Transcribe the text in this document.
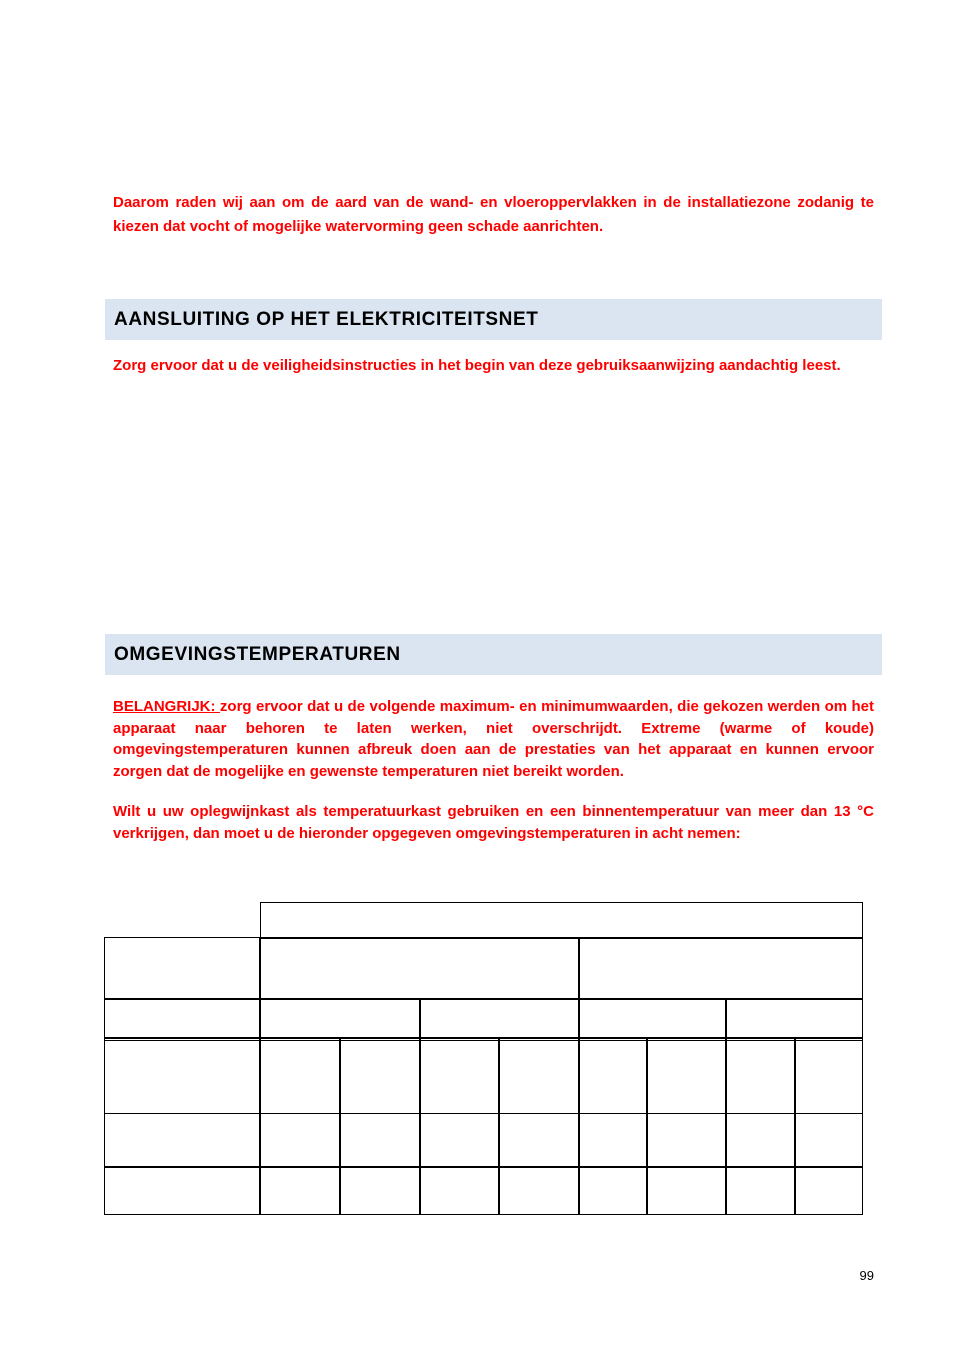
Daarom raden wij aan om de aard van de wand- en vloeroppervlakken in de installatiezone zodanig te kiezen dat vocht of mogelijke watervorming geen schade aanrichten.
AANSLUITING OP HET ELEKTRICITEITSNET
Zorg ervoor dat u de veiligheidsinstructies in het begin van deze gebruiksaanwijzing aandachtig leest.
OMGEVINGSTEMPERATUREN
BELANGRIJK: zorg ervoor dat u de volgende maximum- en minimumwaarden, die gekozen werden om het apparaat naar behoren te laten werken, niet overschrijdt. Extreme (warme of koude) omgevingstemperaturen kunnen afbreuk doen aan de prestaties van het apparaat en kunnen ervoor zorgen dat de mogelijke en gewenste temperaturen niet bereikt worden.
Wilt u uw oplegwijnkast als temperatuurkast gebruiken en een binnentemperatuur van meer dan 13 °C verkrijgen, dan moet u de hieronder opgegeven omgevingstemperaturen in acht nemen:
99
